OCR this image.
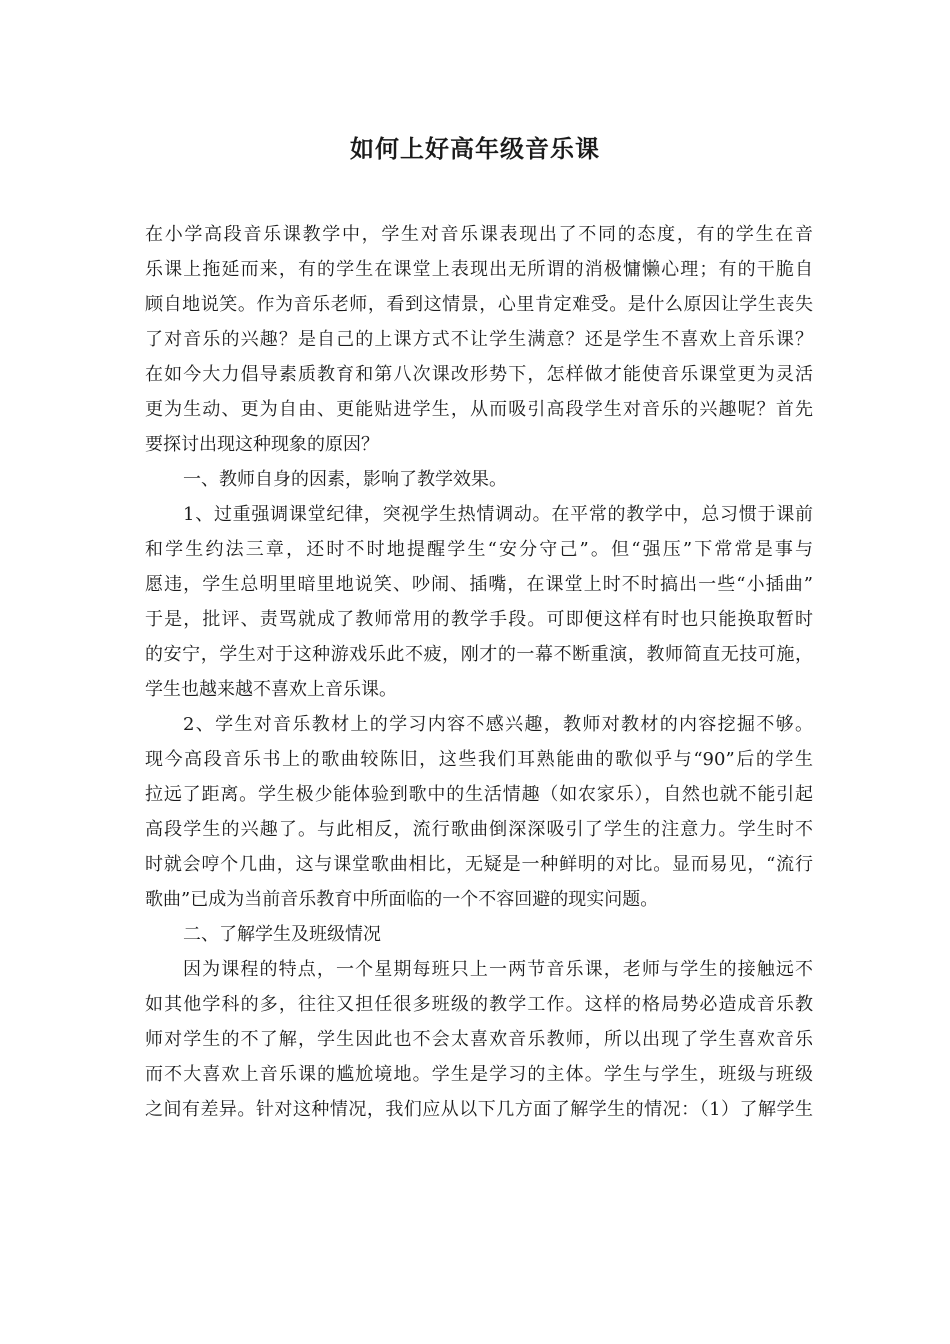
如何上好高年级音乐课

在小学高段音乐课教学中，学生对音乐课表现出了不同的态度，有的学生在音

乐课上拖延而来，有的学生在课堂上表现出无所谓的消极慵懒心理；有的干脆自

顾自地说笑。作为音乐老师，看到这情景，心里肯定难受。是什么原因让学生丧失

了对音乐的兴趣？是自己的上课方式不让学生满意？还是学生不喜欢上音乐课？

在如今大力倡导素质教育和第八次课改形势下，怎样做才能使音乐课堂更为灵活

更为生动、更为自由、更能贴进学生，从而吸引高段学生对音乐的兴趣呢？首先

要探讨出现这种现象的原因？

一、教师自身的因素，影响了教学效果。

1、过重强调课堂纪律，突视学生热情调动。在平常的教学中，总习惯于课前

和学生约法三章，还时不时地提醒学生“安分守己”。但“强压”下常常是事与

愿违，学生总明里暗里地说笑、吵闹、插嘴，在课堂上时不时搞出一些“小插曲”

于是，批评、责骂就成了教师常用的教学手段。可即便这样有时也只能换取暂时

的安宁，学生对于这种游戏乐此不疲，刚才的一幕不断重演，教师简直无技可施，

学生也越来越不喜欢上音乐课。

2、学生对音乐教材上的学习内容不感兴趣，教师对教材的内容挖掘不够。

现今高段音乐书上的歌曲较陈旧，这些我们耳熟能曲的歌似乎与“90”后的学生

拉远了距离。学生极少能体验到歌中的生活情趣（如农家乐），自然也就不能引起

高段学生的兴趣了。与此相反，流行歌曲倒深深吸引了学生的注意力。学生时不

时就会哼个几曲，这与课堂歌曲相比，无疑是一种鲜明的对比。显而易见，“流行

歌曲”已成为当前音乐教育中所面临的一个不容回避的现实问题。

二、了解学生及班级情况

因为课程的特点，一个星期每班只上一两节音乐课，老师与学生的接触远不

如其他学科的多，往往又担任很多班级的教学工作。这样的格局势必造成音乐教

师对学生的不了解，学生因此也不会太喜欢音乐教师，所以出现了学生喜欢音乐

而不大喜欢上音乐课的尴尬境地。学生是学习的主体。学生与学生，班级与班级

之间有差异。针对这种情况，我们应从以下几方面了解学生的情况：（1）了解学生
